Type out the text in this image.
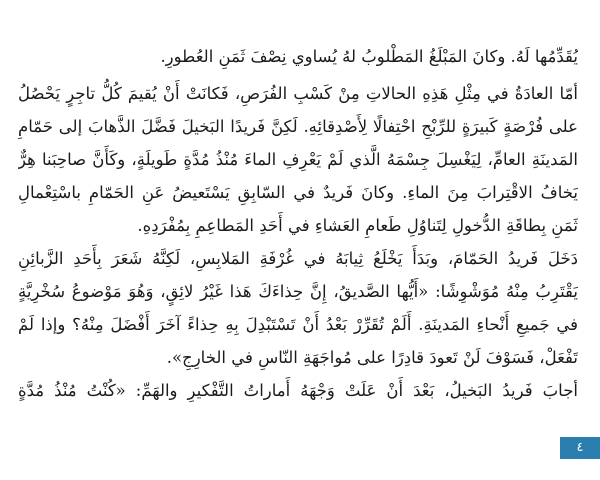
يُقَدِّمُها لَهُ. وكانَ المَبْلَغُ المَطْلوبُ لهُ يُساوي نِصْفَ ثَمَنِ العُطورِ.
أمّا العادَةُ في مِثْلِ هَذِهِ الحالاتِ مِنْ كَسْبِ الفُرَصِ، فَكانَتْ أَنْ يُقيمَ كُلُّ تاجِرٍ يَحْصُلُ
على فُرْصَةٍ كَبيرَةٍ للرِّبْحِ احْتِفالًا لِأَصْدِقائِهِ. لَكِنَّ فَريدًا البَخيلَ فَضَّلَ الذَّهابَ إلى حَمّامِ
المَدينَةِ العامِّ، لِيَغْسِلَ جِسْمَهُ الَّذي لَمْ يَعْرِفِ الماءَ مُنْذُ مُدَّةٍ طَويلَةٍ، وكَأَنَّ صاحِبَنا هِرٌّ
يَخافُ الاقْتِرابَ مِنَ الماءِ. وكانَ فَريدٌ في السّابِقِ يَسْتَعيضُ عَنِ الحَمّامِ باسْتِعْمالِ
ثَمَنِ بِطاقَةِ الدُّخولِ لِتَناوُلِ طَعامِ العَشاءِ في أَحَدِ المَطاعِمِ بِمُفْرَدِهِ.
دَخَلَ فَريدُ الحَمّامَ، وبَدَأَ يَخْلَعُ ثِيابَهُ في غُرْفَةِ المَلابِسِ، لَكِنَّهُ شَعَرَ بِأَحَدِ الزَّبائِنِ
يَقْتَرِبُ مِنْهُ مُوَشْوِشًا: «أَيُّها الصَّديقُ، إِنَّ حِذاءَكَ هَذا غَيْرُ لائِقٍ، وَهُوَ مَوْضوعُ سُخْرِيَّةٍ
في جَميعِ أَنْحاءِ المَدينَةِ. أَلَمْ تُقَرِّرْ بَعْدُ أَنْ تَسْتَبْدِلَ بِهِ حِذاءً آخَرَ أَفْضَلَ مِنْهُ؟ وإذا لَمْ
تَفْعَلْ، فَسَوْفَ لَنْ تَعودَ قادِرًا على مُواجَهَةِ النّاسِ في الخارِجِ».
أجابَ فَريدُ البَخيلُ، بَعْدَ أَنْ عَلَتْ وَجْهَهُ أَماراتُ التَّفْكيرِ والهَمِّ: «كُنْتُ مُنْذُ مُدَّةٍ
٤
